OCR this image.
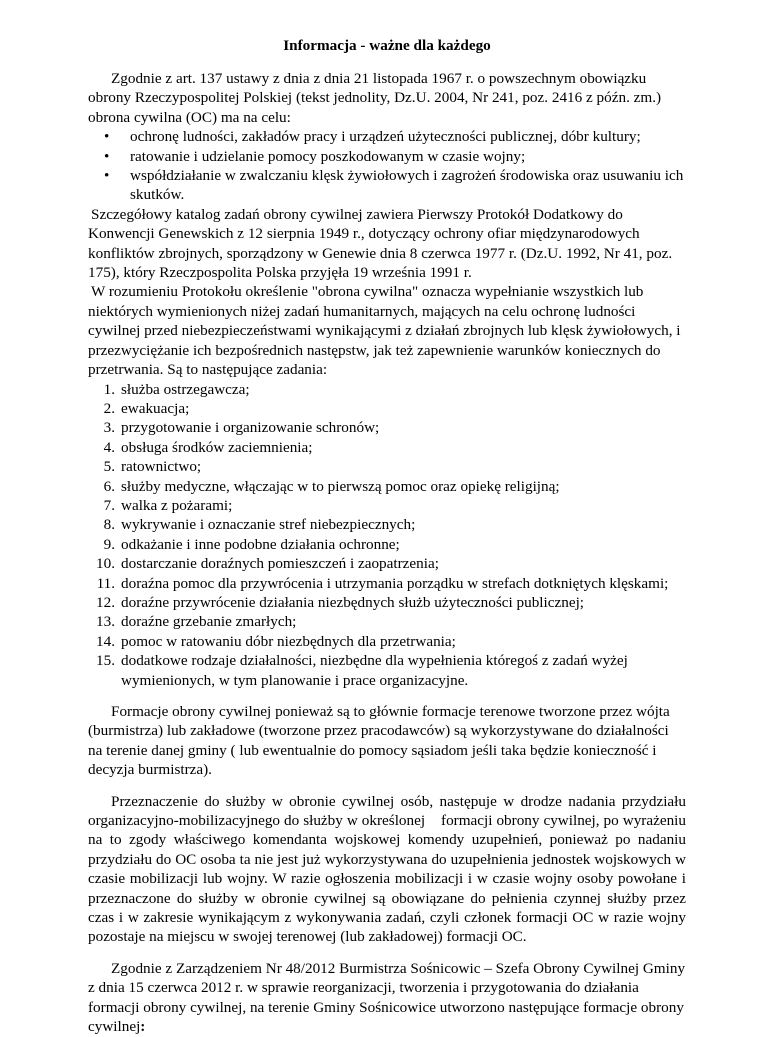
Informacja - ważne dla każdego

Zgodnie z art. 137 ustawy z dnia z dnia 21 listopada 1967 r. o powszechnym obowiązku obrony Rzeczypospolitej Polskiej (tekst jednolity, Dz.U. 2004, Nr 241, poz. 2416 z późn. zm.) obrona cywilna (OC) ma na celu:

• ochronę ludności, zakładów pracy i urządzeń użyteczności publicznej, dóbr kultury;
• ratowanie i udzielanie pomocy poszkodowanym w czasie wojny;
• współdziałanie w zwalczaniu klęsk żywiołowych i zagrożeń środowiska oraz usuwaniu ich skutków.

Szczegółowy katalog zadań obrony cywilnej zawiera Pierwszy Protokół Dodatkowy do Konwencji Genewskich z 12 sierpnia 1949 r., dotyczący ochrony ofiar międzynarodowych konfliktów zbrojnych, sporządzony w Genewie dnia 8 czerwca 1977 r. (Dz.U. 1992, Nr 41, poz. 175), który Rzeczpospolita Polska przyjęła 19 września 1991 r.

W rozumieniu Protokołu określenie "obrona cywilna" oznacza wypełnianie wszystkich lub niektórych wymienionych niżej zadań humanitarnych, mających na celu ochronę ludności cywilnej przed niebezpieczeństwami wynikającymi z działań zbrojnych lub klęsk żywiołowych, i przezwyciężanie ich bezpośrednich następstw, jak też zapewnienie warunków koniecznych do przetrwania. Są to następujące zadania:

1. służba ostrzegawcza;
2. ewakuacja;
3. przygotowanie i organizowanie schronów;
4. obsługa środków zaciemnienia;
5. ratownictwo;
6. służby medyczne, włączając w to pierwszą pomoc oraz opiekę religijną;
7. walka z pożarami;
8. wykrywanie i oznaczanie stref niebezpiecznych;
9. odkażanie i inne podobne działania ochronne;
10. dostarczanie doraźnych pomieszczeń i zaopatrzenia;
11. doraźna pomoc dla przywrócenia i utrzymania porządku w strefach dotkniętych klęskami;
12. doraźne przywrócenie działania niezbędnych służb użyteczności publicznej;
13. doraźne grzebanie zmarłych;
14. pomoc w ratowaniu dóbr niezbędnych dla przetrwania;
15. dodatkowe rodzaje działalności, niezbędne dla wypełnienia któregoś z zadań wyżej wymienionych, w tym planowanie i prace organizacyjne.

Formacje obrony cywilnej ponieważ są to głównie formacje terenowe tworzone przez wójta (burmistrza) lub zakładowe (tworzone przez pracodawców) są wykorzystywane do działalności na terenie danej gminy ( lub ewentualnie do pomocy sąsiadom jeśli taka będzie konieczność i decyzja burmistrza).

Przeznaczenie do służby w obronie cywilnej osób, następuje w drodze nadania przydziału organizacyjno-mobilizacyjnego do służby w określonej    formacji obrony cywilnej, po wyrażeniu na to zgody właściwego komendanta wojskowej komendy uzupełnień, ponieważ po nadaniu przydziału do OC osoba ta nie jest już wykorzystywana do uzupełnienia jednostek wojskowych w czasie mobilizacji lub wojny. W razie ogłoszenia mobilizacji i w czasie wojny osoby powołane i przeznaczone do służby w obronie cywilnej są obowiązane do pełnienia czynnej służby przez czas i w zakresie wynikającym z wykonywania zadań, czyli członek formacji OC w razie wojny pozostaje na miejscu w swojej terenowej (lub zakładowej) formacji OC.

Zgodnie z Zarządzeniem Nr 48/2012 Burmistrza Sośnicowic – Szefa Obrony Cywilnej Gminy z dnia 15 czerwca 2012 r. w sprawie reorganizacji, tworzenia i przygotowania do działania formacji obrony cywilnej, na terenie Gminy Sośnicowice utworzono następujące formacje obrony cywilnej:
